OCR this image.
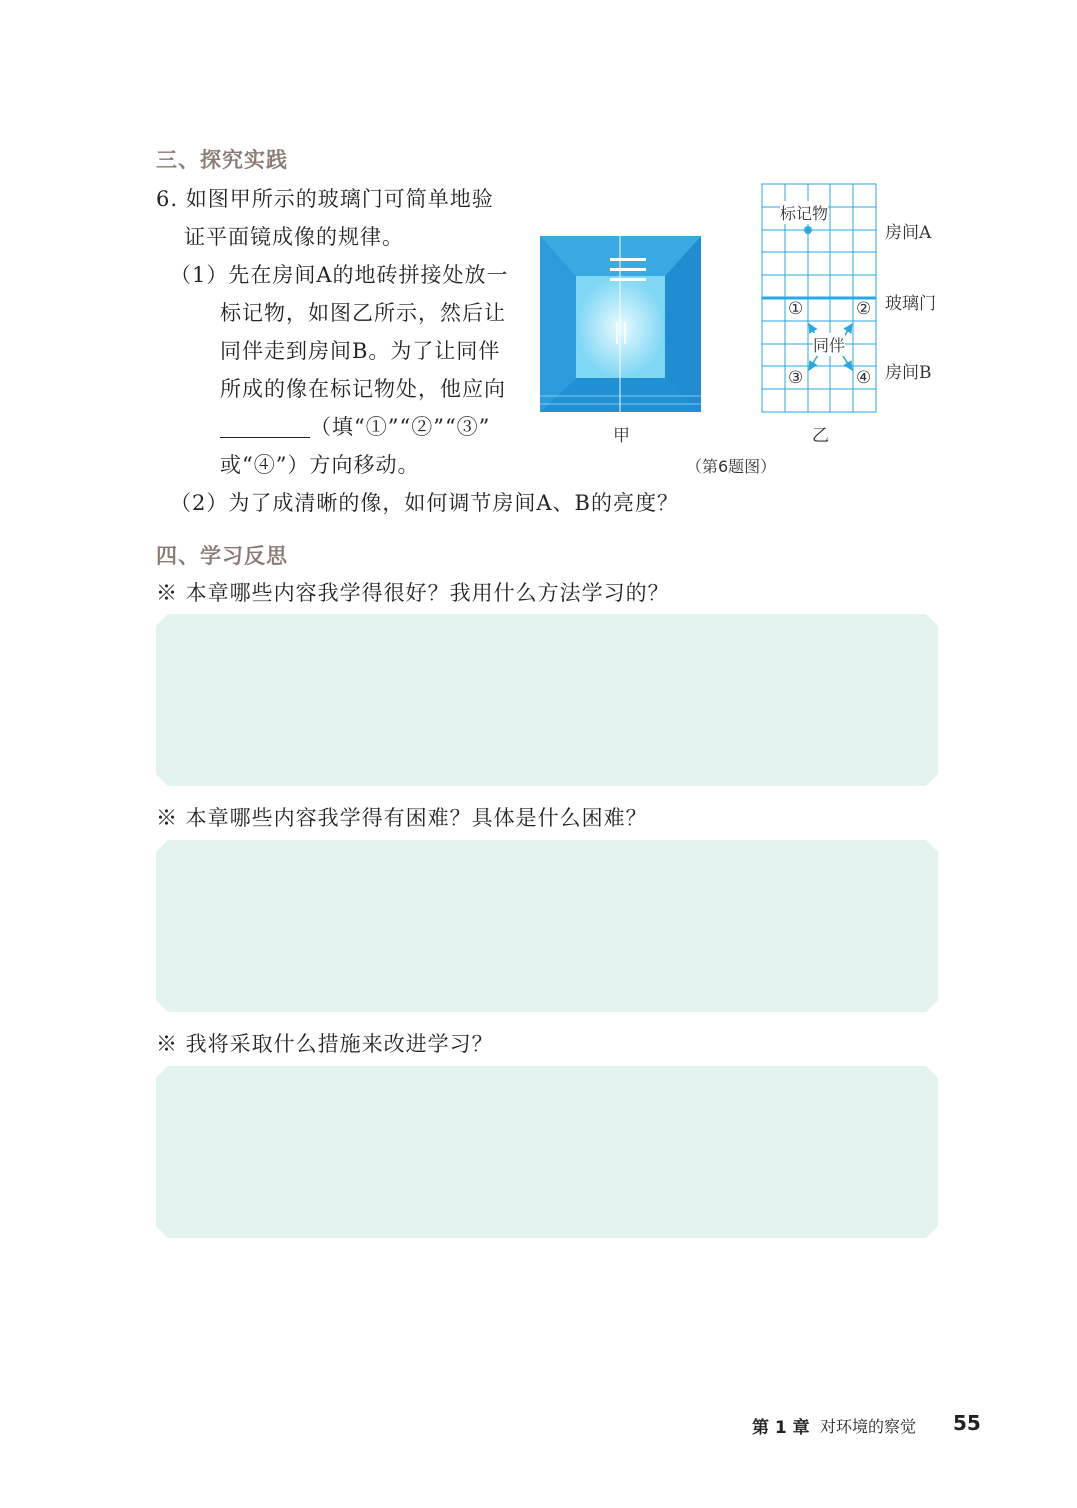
三、探究实践
6. 如图甲所示的玻璃门可简单地验
证平面镜成像的规律。
（1）先在房间A的地砖拼接处放一
标记物，如图乙所示，然后让
同伴走到房间B。为了让同伴
所成的像在标记物处，他应向
（填“①”“②”“③”
或“④”）方向移动。
（2）为了成清晰的像，如何调节房间A、B的亮度？
甲
标记物
同伴
①	②
③	④
房间A
玻璃门
房间B
乙
（第6题图）
四、学习反思
※ 本章哪些内容我学得很好？我用什么方法学习的？
※ 本章哪些内容我学得有困难？具体是什么困难？
※ 我将采取什么措施来改进学习？
第 1 章 对环境的察觉 55
